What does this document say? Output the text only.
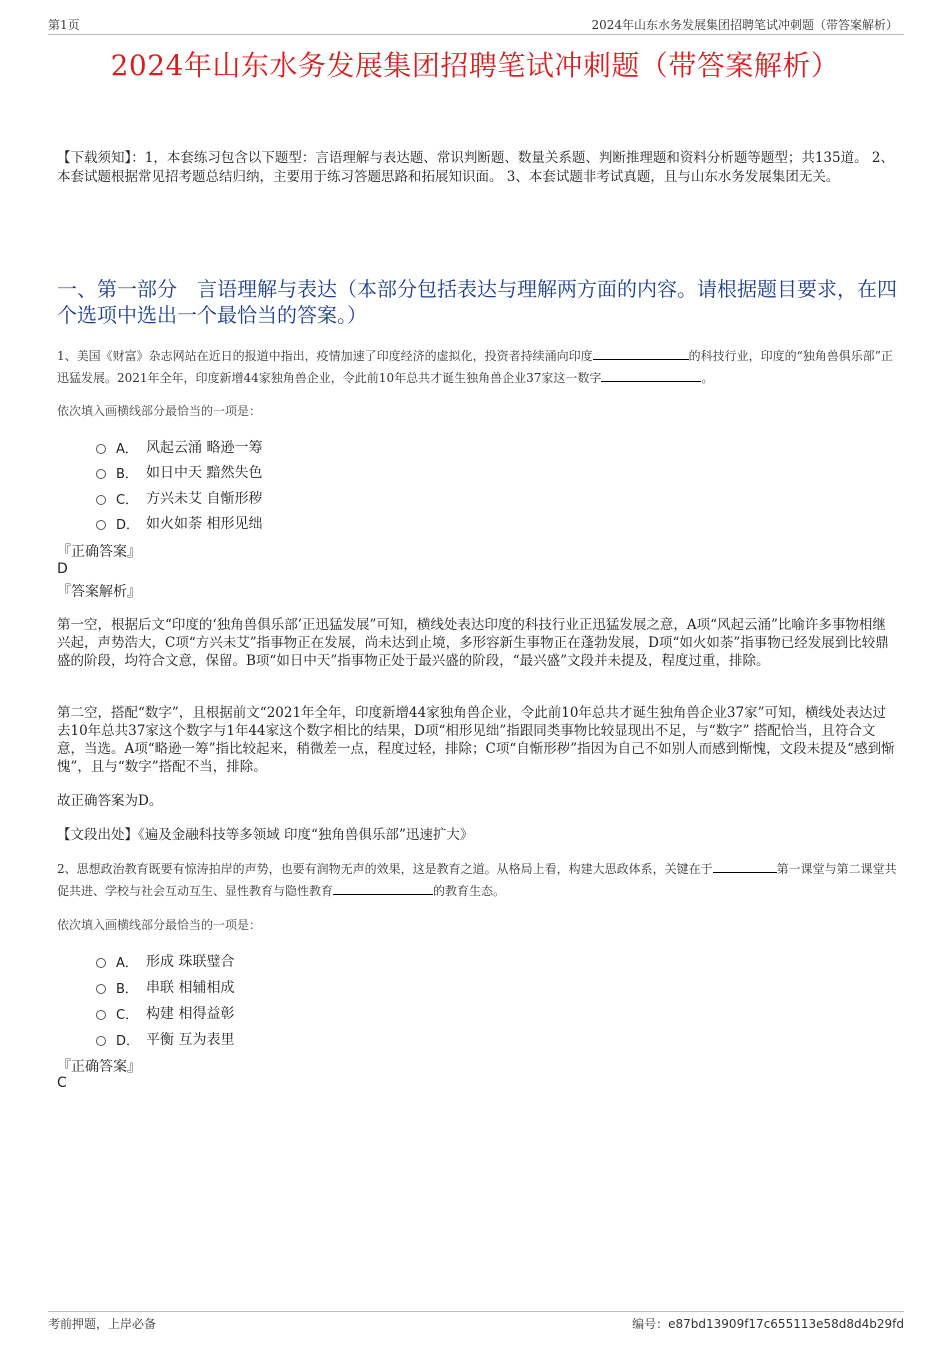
第1页	2024年山东水务发展集团招聘笔试冲刺题（带答案解析）
2024年山东水务发展集团招聘笔试冲刺题（带答案解析）
【下载须知】：1，本套练习包含以下题型：言语理解与表达题、常识判断题、数量关系题、判断推理题和资料分析题等题型；共135道。 2、本套试题根据常见招考题总结归纳，主要用于练习答题思路和拓展知识面。 3、本套试题非考试真题，且与山东水务发展集团无关。
一、第一部分　言语理解与表达（本部分包括表达与理解两方面的内容。请根据题目要求，在四个选项中选出一个最恰当的答案。）
1、美国《财富》杂志网站在近日的报道中指出，疫情加速了印度经济的虚拟化，投资者持续涌向印度	的科技行业，印度的“独角兽俱乐部”正迅猛发展。2021年全年，印度新增44家独角兽企业，令此前10年总共才诞生独角兽企业37家这一数字	。
依次填入画横线部分最恰当的一项是：
A． 风起云涌 略逊一筹
B． 如日中天 黯然失色
C． 方兴未艾 自惭形秽
D． 如火如荼 相形见绌
『正确答案』
D
『答案解析』
第一空，根据后文“印度的‘独角兽俱乐部’正迅猛发展”可知，横线处表达印度的科技行业正迅猛发展之意，A项“风起云涌”比喻许多事物相继兴起，声势浩大，C项“方兴未艾”指事物正在发展，尚未达到止境，多形容新生事物正在蓬勃发展，D项“如火如荼”指事物已经发展到比较鼎盛的阶段，均符合文意，保留。B项“如日中天”指事物正处于最兴盛的阶段，“最兴盛”文段并未提及，程度过重，排除。
第二空，搭配“数字”，且根据前文“2021年全年，印度新增44家独角兽企业，令此前10年总共才诞生独角兽企业37家”可知，横线处表达过去10年总共37家这个数字与1年44家这个数字相比的结果，D项“相形见绌”指跟同类事物比较显现出不足，与“数字” 搭配恰当，且符合文意，当选。A项“略逊一筹”指比较起来，稍微差一点，程度过轻，排除；C项“自惭形秽”指因为自己不如别人而感到惭愧，文段未提及“感到惭愧”，且与“数字”搭配不当，排除。
故正确答案为D。
【文段出处】《遍及金融科技等多领域 印度“独角兽俱乐部”迅速扩大》
2、思想政治教育既要有惊涛拍岸的声势，也要有润物无声的效果，这是教育之道。从格局上看，构建大思政体系，关键在于	第一课堂与第二课堂共促共进、学校与社会互动互生、显性教育与隐性教育	的教育生态。
依次填入画横线部分最恰当的一项是：
A． 形成 珠联璧合
B． 串联 相辅相成
C． 构建 相得益彰
D． 平衡 互为表里
『正确答案』
C
考前押题，上岸必备	编号：e87bd13909f17c655113e58d8d4b29fd
